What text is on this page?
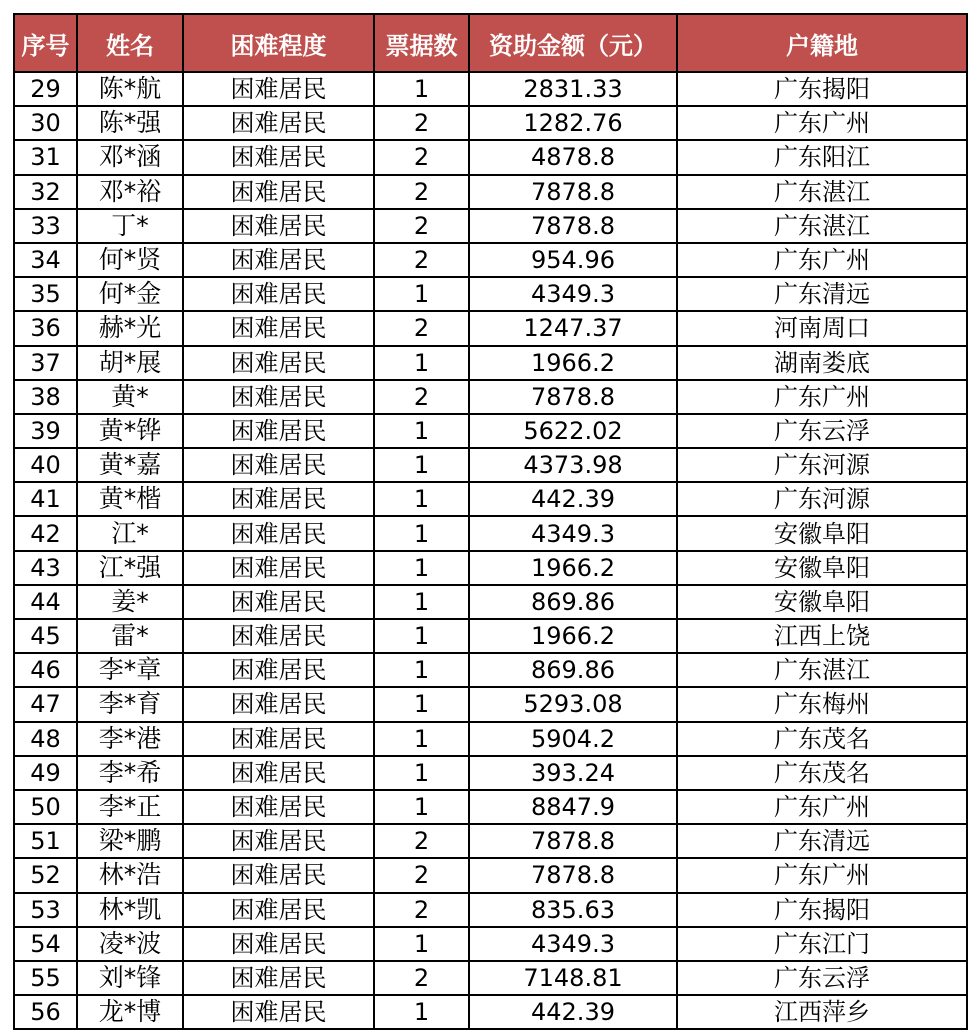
序号	姓名	困难程度	票据数	资助金额（元）	户籍地
29	陈*航	困难居民	1	2831.33	广东揭阳
30	陈*强	困难居民	2	1282.76	广东广州
31	邓*涵	困难居民	2	4878.8	广东阳江
32	邓*裕	困难居民	2	7878.8	广东湛江
33	丁*	困难居民	2	7878.8	广东湛江
34	何*贤	困难居民	2	954.96	广东广州
35	何*金	困难居民	1	4349.3	广东清远
36	赫*光	困难居民	2	1247.37	河南周口
37	胡*展	困难居民	1	1966.2	湖南娄底
38	黄*	困难居民	2	7878.8	广东广州
39	黄*铧	困难居民	1	5622.02	广东云浮
40	黄*嘉	困难居民	1	4373.98	广东河源
41	黄*楷	困难居民	1	442.39	广东河源
42	江*	困难居民	1	4349.3	安徽阜阳
43	江*强	困难居民	1	1966.2	安徽阜阳
44	姜*	困难居民	1	869.86	安徽阜阳
45	雷*	困难居民	1	1966.2	江西上饶
46	李*章	困难居民	1	869.86	广东湛江
47	李*育	困难居民	1	5293.08	广东梅州
48	李*港	困难居民	1	5904.2	广东茂名
49	李*希	困难居民	1	393.24	广东茂名
50	李*正	困难居民	1	8847.9	广东广州
51	梁*鹏	困难居民	2	7878.8	广东清远
52	林*浩	困难居民	2	7878.8	广东广州
53	林*凯	困难居民	2	835.63	广东揭阳
54	凌*波	困难居民	1	4349.3	广东江门
55	刘*锋	困难居民	2	7148.81	广东云浮
56	龙*博	困难居民	1	442.39	江西萍乡
